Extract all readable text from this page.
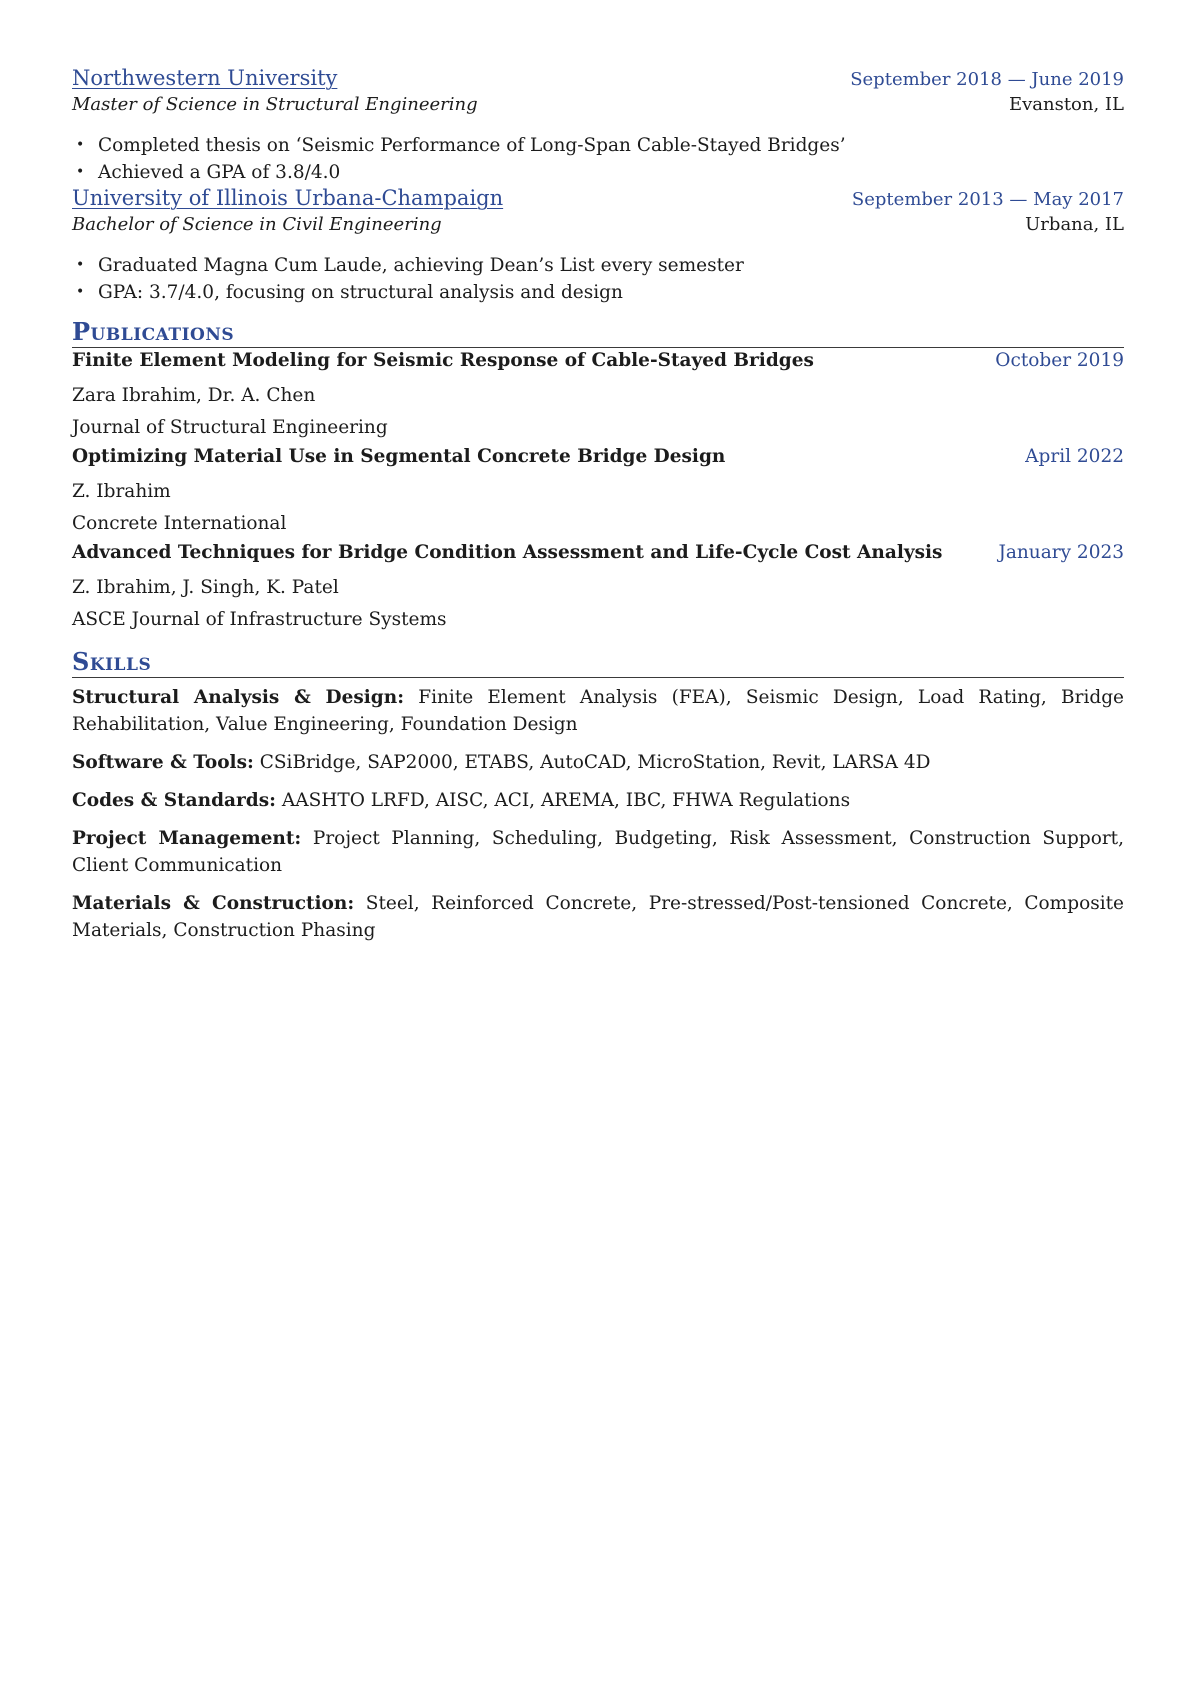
Northwestern University	September 2018 — June 2019
Master of Science in Structural Engineering	Evanston, IL
• Completed thesis on ‘Seismic Performance of Long-Span Cable-Stayed Bridges’
• Achieved a GPA of 3.8/4.0
University of Illinois Urbana-Champaign	September 2013 — May 2017
Bachelor of Science in Civil Engineering	Urbana, IL
• Graduated Magna Cum Laude, achieving Dean’s List every semester
• GPA: 3.7/4.0, focusing on structural analysis and design
Publications
Finite Element Modeling for Seismic Response of Cable-Stayed Bridges	October 2019
Zara Ibrahim, Dr. A. Chen
Journal of Structural Engineering
Optimizing Material Use in Segmental Concrete Bridge Design	April 2022
Z. Ibrahim
Concrete International
Advanced Techniques for Bridge Condition Assessment and Life-Cycle Cost Analysis	January 2023
Z. Ibrahim, J. Singh, K. Patel
ASCE Journal of Infrastructure Systems
Skills
Structural Analysis & Design: Finite Element Analysis (FEA), Seismic Design, Load Rating, Bridge Rehabilitation, Value Engineering, Foundation Design
Software & Tools: CSiBridge, SAP2000, ETABS, AutoCAD, MicroStation, Revit, LARSA 4D
Codes & Standards: AASHTO LRFD, AISC, ACI, AREMA, IBC, FHWA Regulations
Project Management: Project Planning, Scheduling, Budgeting, Risk Assessment, Construction Support, Client Communication
Materials & Construction: Steel, Reinforced Concrete, Pre-stressed/Post-tensioned Concrete, Composite Materials, Construction Phasing
